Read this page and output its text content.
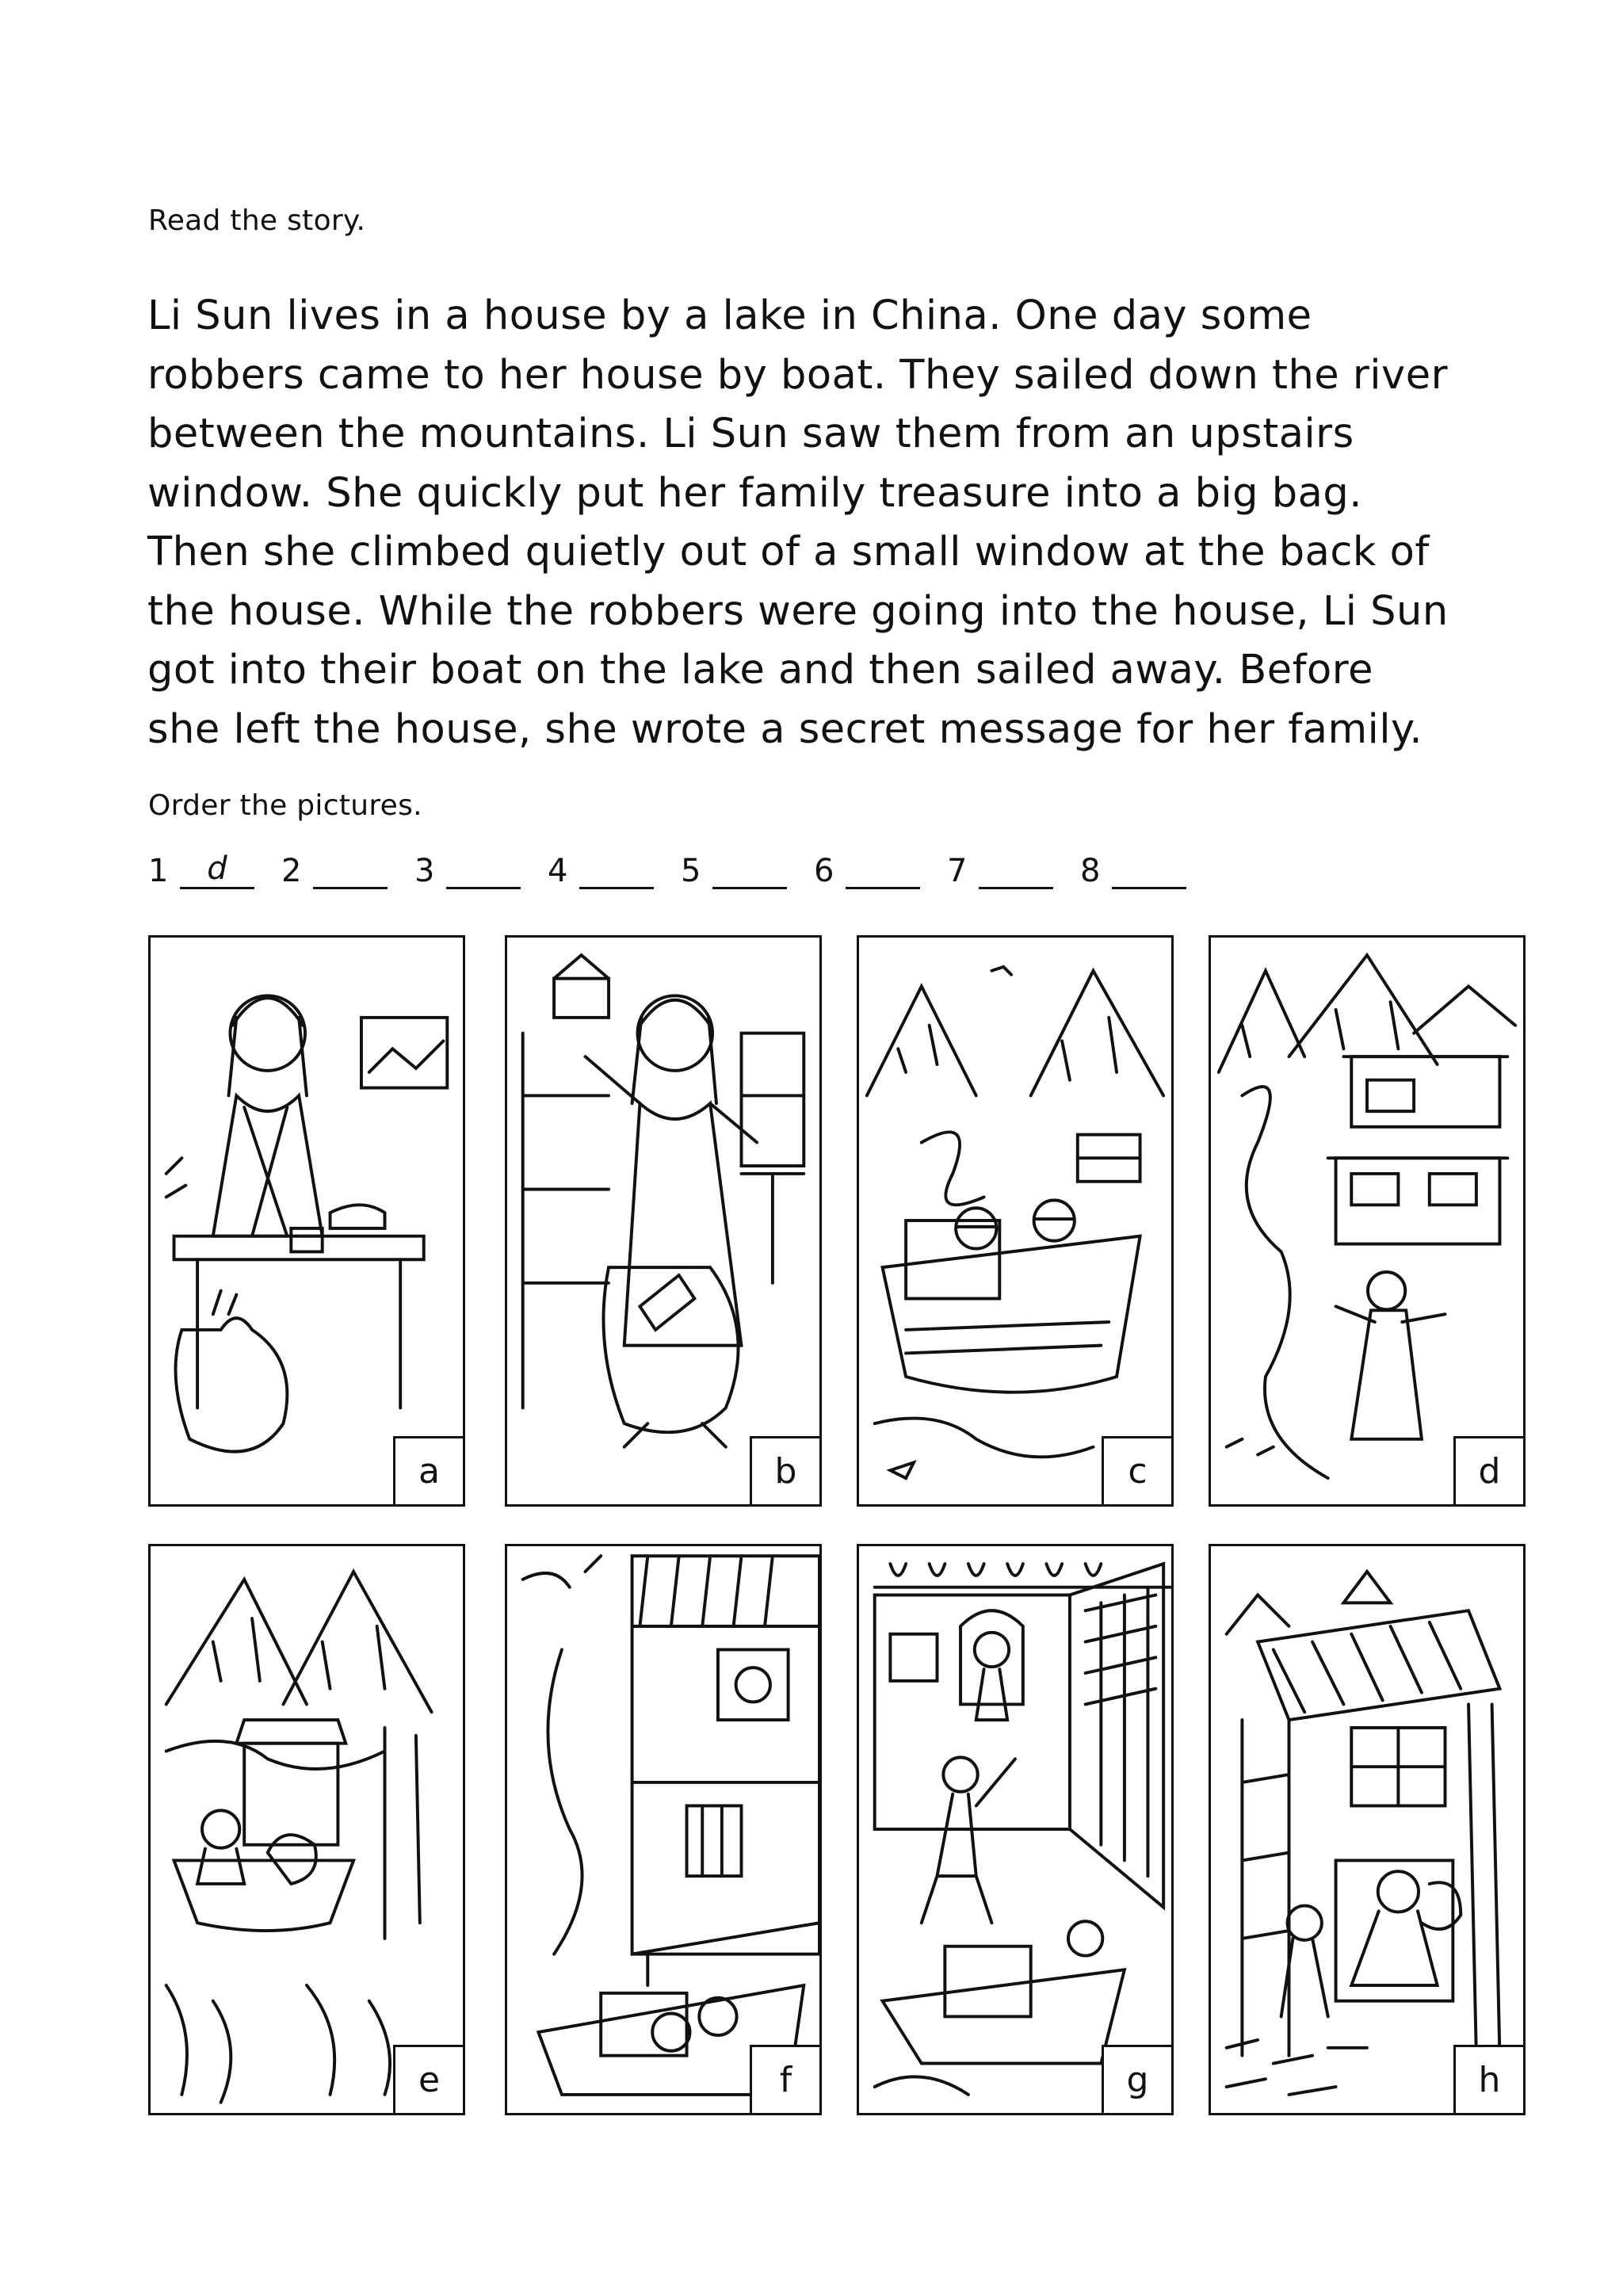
Read the story.
Li Sun lives in a house by a lake in China. One day some
robbers came to her house by boat. They sailed down the river
between the mountains. Li Sun saw them from an upstairs
window. She quickly put her family treasure into a big bag.
Then she climbed quietly out of a small window at the back of
the house. While the robbers were going into the house, Li Sun
got into their boat on the lake and then sailed away. Before
she left the house, she wrote a secret message for her family.
Order the pictures.
1	d	2	3	4	5	6	7	8
a	b	c	d
e	f	g	h
